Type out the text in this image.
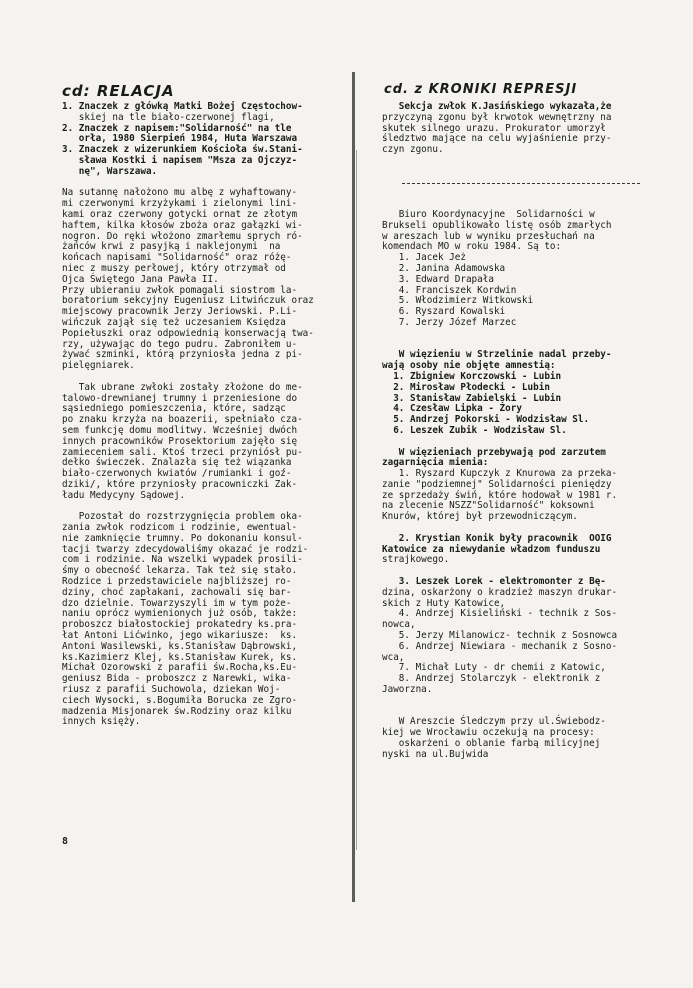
cd: RELACJA	cd. z KRONIKI REPRESJI
1. Znaczek z główką Matki Bożej Częstochow-
skiej na tle biało-czerwonej flagi,
2. Znaczek z napisem:"Solidarność" na tle
orła, 1980 Sierpień 1984, Huta Warszawa
3. Znaczek z wizerunkiem Kościoła św.Stani-
sława Kostki i napisem "Msza za Ojczyz-
nę", Warszawa.
Na sutannę nałożono mu albę z wyhaftowany-
mi czerwonymi krzyżykami i zielonymi lini-
kami oraz czerwony gotycki ornat ze złotym
haftem, kilka kłosów zboża oraz gałązki wi-
nogron. Do ręki włożono zmarłemu sprych ró-
żańców krwi z pasyjką i naklejonymi  na
końcach napisami "Solidarność" oraz różę-
niec z muszy perłowej, który otrzymał od
Ojca Świętego Jana Pawła II.
Przy ubieraniu zwłok pomagali siostrom la-
boratorium sekcyjny Eugeniusz Litwińczuk oraz
miejscowy pracownik Jerzy Jeriowski. P.Li-
wińczuk zajął się też uczesaniem Księdza
Popiełuszki oraz odpowiednią konserwacją twa-
rzy, używając do tego pudru. Zabroniłem u-
żywać szminki, którą przyniosła jedna z pi-
pielęgniarek.
Tak ubrane zwłoki zostały złożone do me-
talowo-drewnianej trumny i przeniesione do
sąsiedniego pomieszczenia, które, sadząc
po znaku krzyża na boazerii, spełniało cza-
sem funkcję domu modlitwy. Wcześniej dwóch
innych pracowników Prosektorium zajęło się
zamieceniem sali. Ktoś trzeci przyniósł pu-
dełko świeczek. Znalazła się też wiązanka
biało-czerwonych kwiatów /rumianki i goź-
dziki/, które przyniosły pracowniczki Zak-
ładu Medycyny Sądowej.
Pozostał do rozstrzygnięcia problem oka-
zania zwłok rodzicom i rodzinie, ewentual-
nie zamknięcie trumny. Po dokonaniu konsul-
tacji twarzy zdecydowaliśmy okazać je rodzi-
com i rodzinie. Na wszelki wypadek prosili-
śmy o obecność lekarza. Tak też się stało.
Rodzice i przedstawiciele najbliższej ro-
dziny, choć zapłakani, zachowali się bar-
dzo dzielnie. Towarzyszyli im w tym poże-
naniu oprócz wymienionych już osób, także:
proboszcz białostockiej prokatedry ks.pra-
łat Antoni Lićwinko, jego wikariusze:  ks.
Antoni Wasilewski, ks.Stanisław Dąbrowski,
ks.Kazimierz Klej, ks.Stanisław Kurek, ks.
Michał Ozorowski z parafii św.Rocha,ks.Eu-
geniusz Bida - proboszcz z Narewki, wika-
riusz z parafii Suchowola, dziekan Woj-
ciech Wysocki, s.Bogumiła Borucka ze Zgro-
madzenia Misjonarek św.Rodziny oraz kilku
innych księży.
Sekcja zwłok K.Jasińskiego wykazała,że
przyczyną zgonu był krwotok wewnętrzny na
skutek silnego urazu. Prokurator umorzył
śledztwo mające na celu wyjaśnienie przy-
czyn zgonu.
Biuro Koordynacyjne  Solidarności w
Brukseli opublikowało listę osób zmarłych
w areszach lub w wyniku przesłuchań na
komendach MO w roku 1984. Są to:
1. Jacek Jeż
2. Janina Adamowska
3. Edward Drapała
4. Franciszek Kordwin
5. Włodzimierz Witkowski
6. Ryszard Kowalski
7. Jerzy Józef Marzec
W więzieniu w Strzelinie nadal przeby-
wają osoby nie objęte amnestią:
1. Zbigniew Korczowski - Lubin
2. Mirosław Płodecki - Lubin
3. Stanisław Zabielski - Lubin
4. Czesław Lipka - Żory
5. Andrzej Pokorski - Wodzisław Sl.
6. Leszek Zubik - Wodzisław Sl.
W więzieniach przebywają pod zarzutem
zagarnięcia mienia:
1. Ryszard Kupczyk z Knurowa za przeka-
zanie "podziemnej" Solidarności pieniędzy
ze sprzedaży świń, które hodował w 1981 r.
na zlecenie NSZZ"Solidarność" koksowni
Knurów, której był przewodniczącym.
2. Krystian Konik były pracownik  OOIG
Katowice za niewydanie władzom funduszu
strajkowego.
3. Leszek Lorek - elektromonter z Bę-
dzina, oskarżony o kradzież maszyn drukar-
skich z Huty Katowice,
4. Andrzej Kisieliński - technik z Sos-
nowca,
5. Jerzy Milanowicz- technik z Sosnowca
6. Andrzej Niewiara - mechanik z Sosno-
wca,
7. Michał Luty - dr chemii z Katowic,
8. Andrzej Stolarczyk - elektronik z
Jaworzna.
W Areszcie Śledczym przy ul.Świebodz-
kiej we Wrocławiu oczekują na procesy:
oskarżeni o oblanie farbą milicyjnej
nyski na ul.Bujwida
8
